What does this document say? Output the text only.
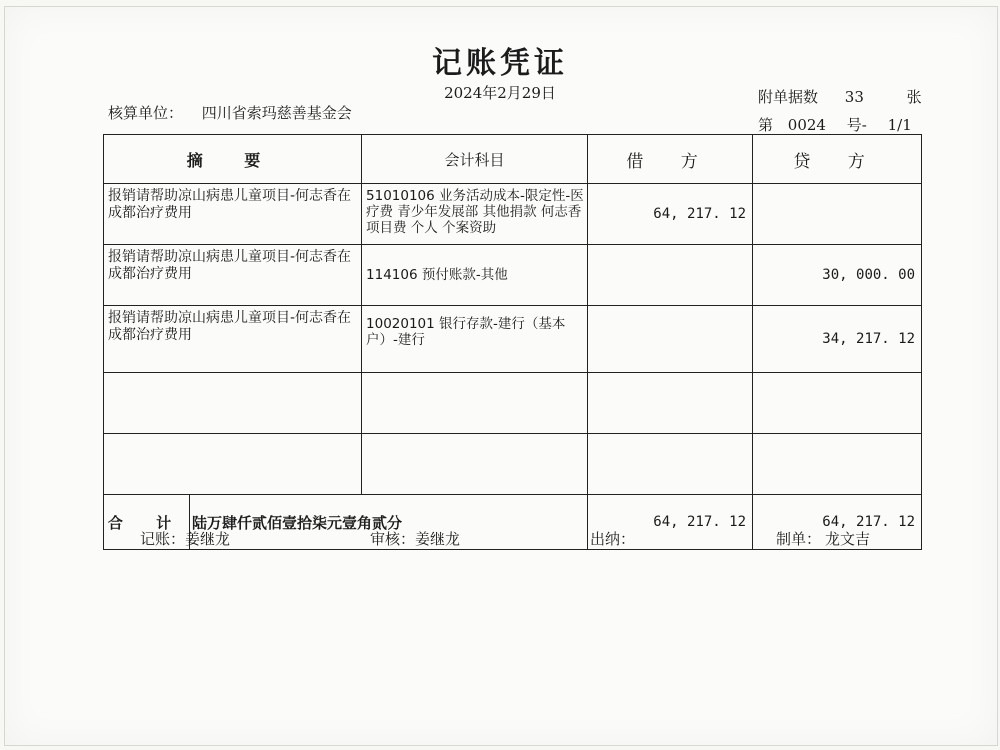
记账凭证
2024年2月29日
核算单位： 四川省索玛慈善基金会
附单据数 33	张
第 0024 号- 1/1
摘 要		会计科目	借 方	贷 方
报销请帮助凉山病患儿童项目-何志香在成都治疗费用		51010106 业务活动成本-限定性-医疗费 青少年发展部 其他捐款 何志香 项目费 个人 个案资助	64, 217. 12	
报销请帮助凉山病患儿童项目-何志香在成都治疗费用		114106 预付账款-其他		30, 000. 00
报销请帮助凉山病患儿童项目-何志香在成都治疗费用		10020101 银行存款-建行（基本户）-建行		34, 217. 12

合 计	陆万肆仟贰佰壹拾柒元壹角贰分		64, 217. 12	64, 217. 12
记账：姜继龙	审核：姜继龙	出纳：	制单： 龙文吉
